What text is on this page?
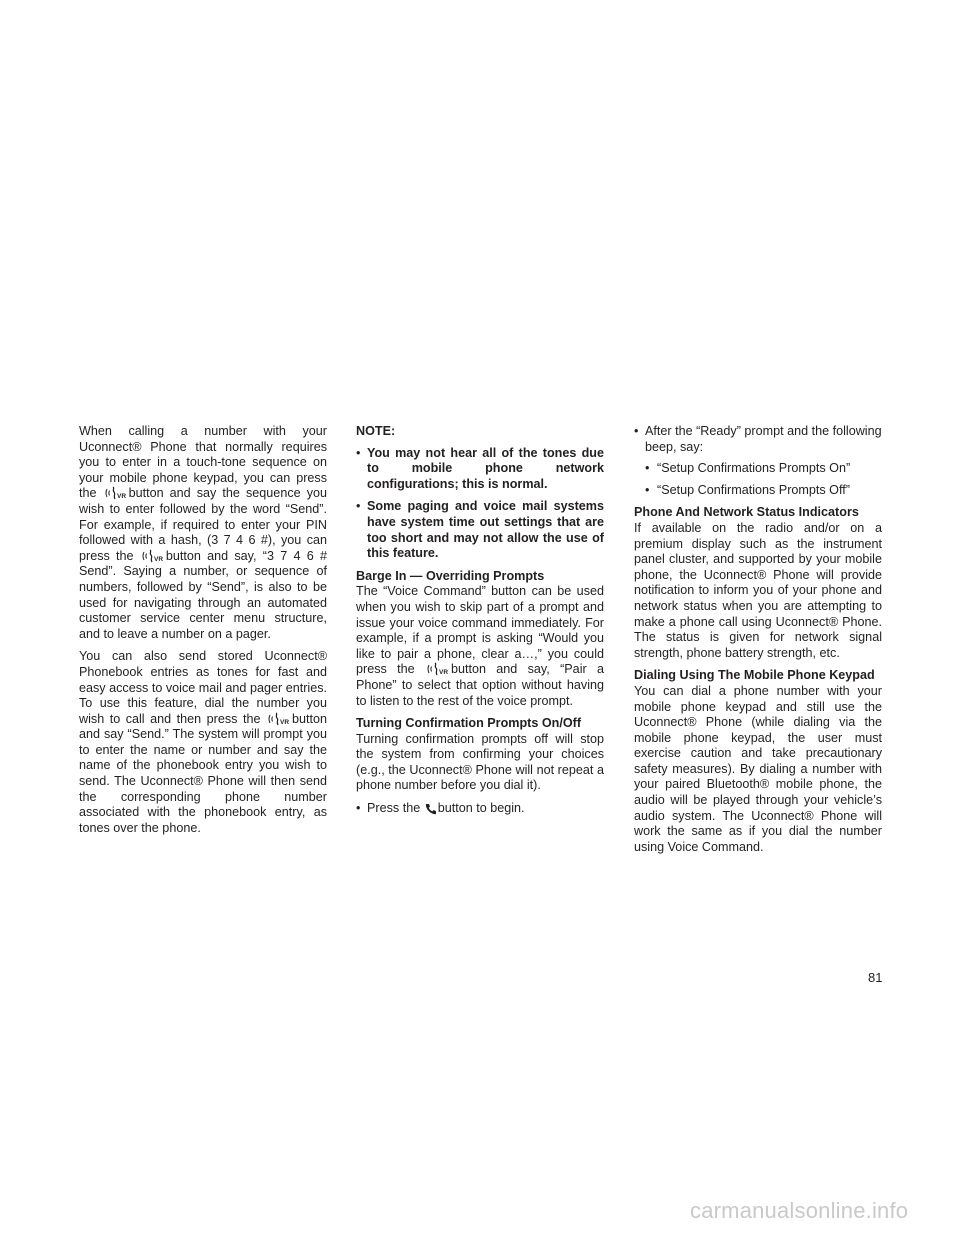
When calling a number with your Uconnect® Phone that normally requires you to enter in a touch-tone sequence on your mobile phone keypad, you can press the	VR button and say the sequence you wish to enter followed by the word “Send”. For example, if required to enter your PIN followed with a hash, (3 7 4 6 #), you can press the	VR button and say, “3 7 4 6 # Send”. Saying a number, or sequence of numbers, followed by “Send”, is also to be used for navigating through an automated customer service center menu structure, and to leave a number on a pager.

You can also send stored Uconnect® Phonebook entries as tones for fast and easy access to voice mail and pager entries. To use this feature, dial the number you wish to call and then press the	VR button and say “Send.” The system will prompt you to enter the name or number and say the name of the phonebook entry you wish to send. The Uconnect® Phone will then send the corresponding phone number associated with the phonebook entry, as tones over the phone.

NOTE:
• You may not hear all of the tones due to mobile phone network configurations; this is normal.
• Some paging and voice mail systems have system time out settings that are too short and may not allow the use of this feature.
Barge In — Overriding Prompts

The “Voice Command” button can be used when you wish to skip part of a prompt and issue your voice command immediately. For example, if a prompt is asking “Would you like to pair a phone, clear a…,” you could press the	VR button and say, “Pair a Phone” to select that option without having to listen to the rest of the voice prompt.

Turning Confirmation Prompts On/Off

Turning confirmation prompts off will stop the system from confirming your choices (e.g., the Uconnect® Phone will not repeat a phone number before you dial it).

• Press the button to begin.
• After the “Ready” prompt and the following beep, say:
• “Setup Confirmations Prompts On”
• “Setup Confirmations Prompts Off”
Phone And Network Status Indicators

If available on the radio and/or on a premium display such as the instrument panel cluster, and supported by your mobile phone, the Uconnect® Phone will provide notification to inform you of your phone and network status when you are attempting to make a phone call using Uconnect® Phone. The status is given for network signal strength, phone battery strength, etc.

Dialing Using The Mobile Phone Keypad

You can dial a phone number with your mobile phone keypad and still use the Uconnect® Phone (while dialing via the mobile phone keypad, the user must exercise caution and take precautionary safety measures). By dialing a number with your paired Bluetooth® mobile phone, the audio will be played through your vehicle’s audio system. The Uconnect® Phone will work the same as if you dial the number using Voice Command.

81
carmanualsonline.info
